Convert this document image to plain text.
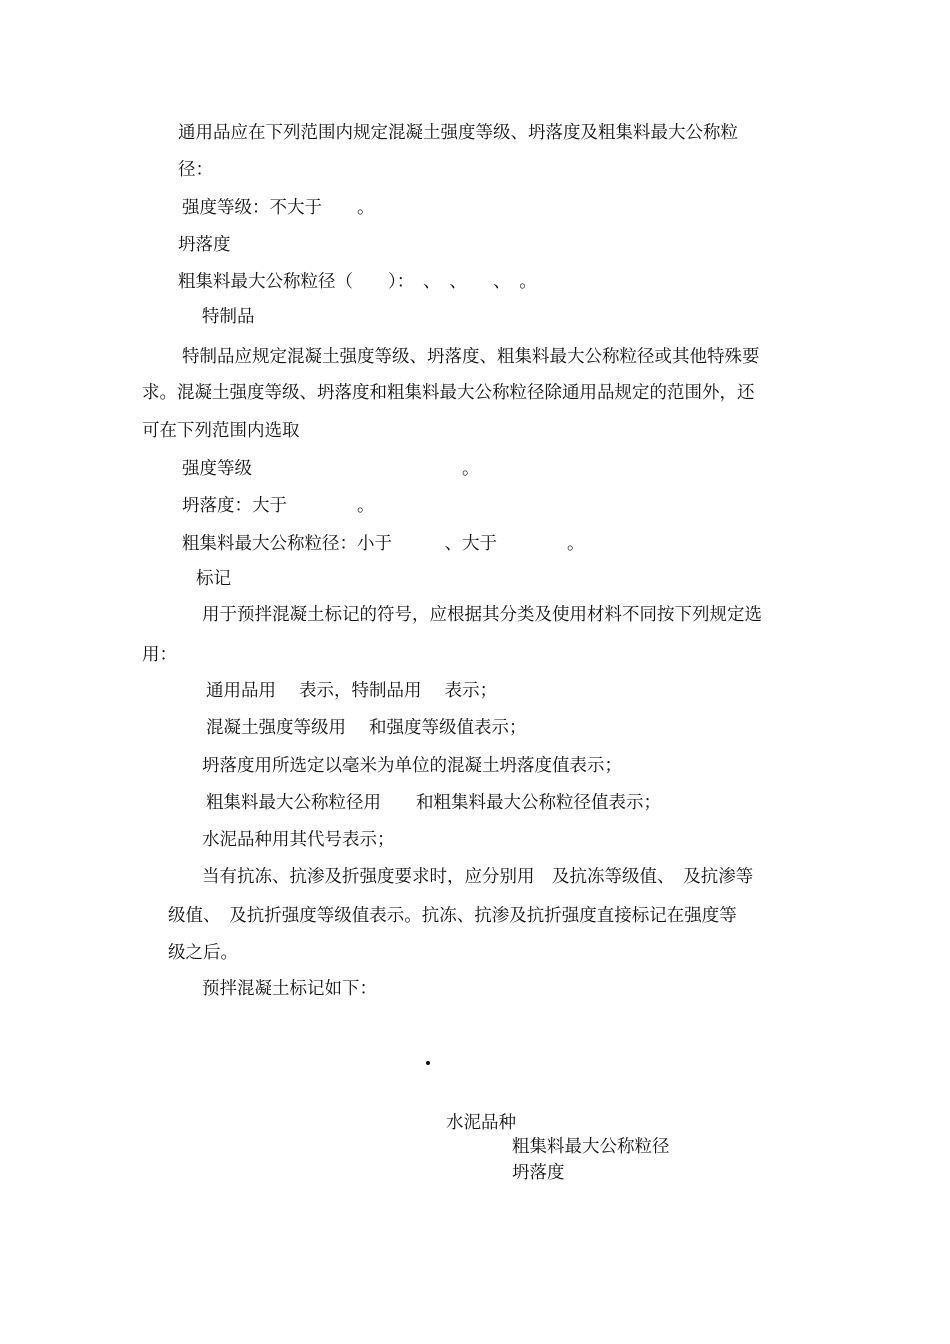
通用品应在下列范围内规定混凝土强度等级、坍落度及粗集料最大公称粒

径：

强度等级：不大于　　。

坍落度

粗集料最大公称粒径（　　）：　、　、　　、　。

特制品

特制品应规定混凝土强度等级、坍落度、粗集料最大公称粒径或其他特殊要

求。混凝土强度等级、坍落度和粗集料最大公称粒径除通用品规定的范围外，还

可在下列范围内选取

强度等级　　　　　　　　　　　　。

坍落度：大于　　　　。

粗集料最大公称粒径：小于　　　、大于　　　　。

标记

用于预拌混凝土标记的符号，应根据其分类及使用材料不同按下列规定选

用：

通用品用　 表示，特制品用　 表示；

混凝土强度等级用　 和强度等级值表示；

坍落度用所选定以毫米为单位的混凝土坍落度值表示；

粗集料最大公称粒径用　　和粗集料最大公称粒径值表示；

水泥品种用其代号表示；

当有抗冻、抗渗及折强度要求时，应分别用　及抗冻等级值、　及抗渗等

级值、　及抗折强度等级值表示。抗冻、抗渗及抗折强度直接标记在强度等

级之后。

预拌混凝土标记如下：

水泥品种

粗集料最大公称粒径

坍落度
